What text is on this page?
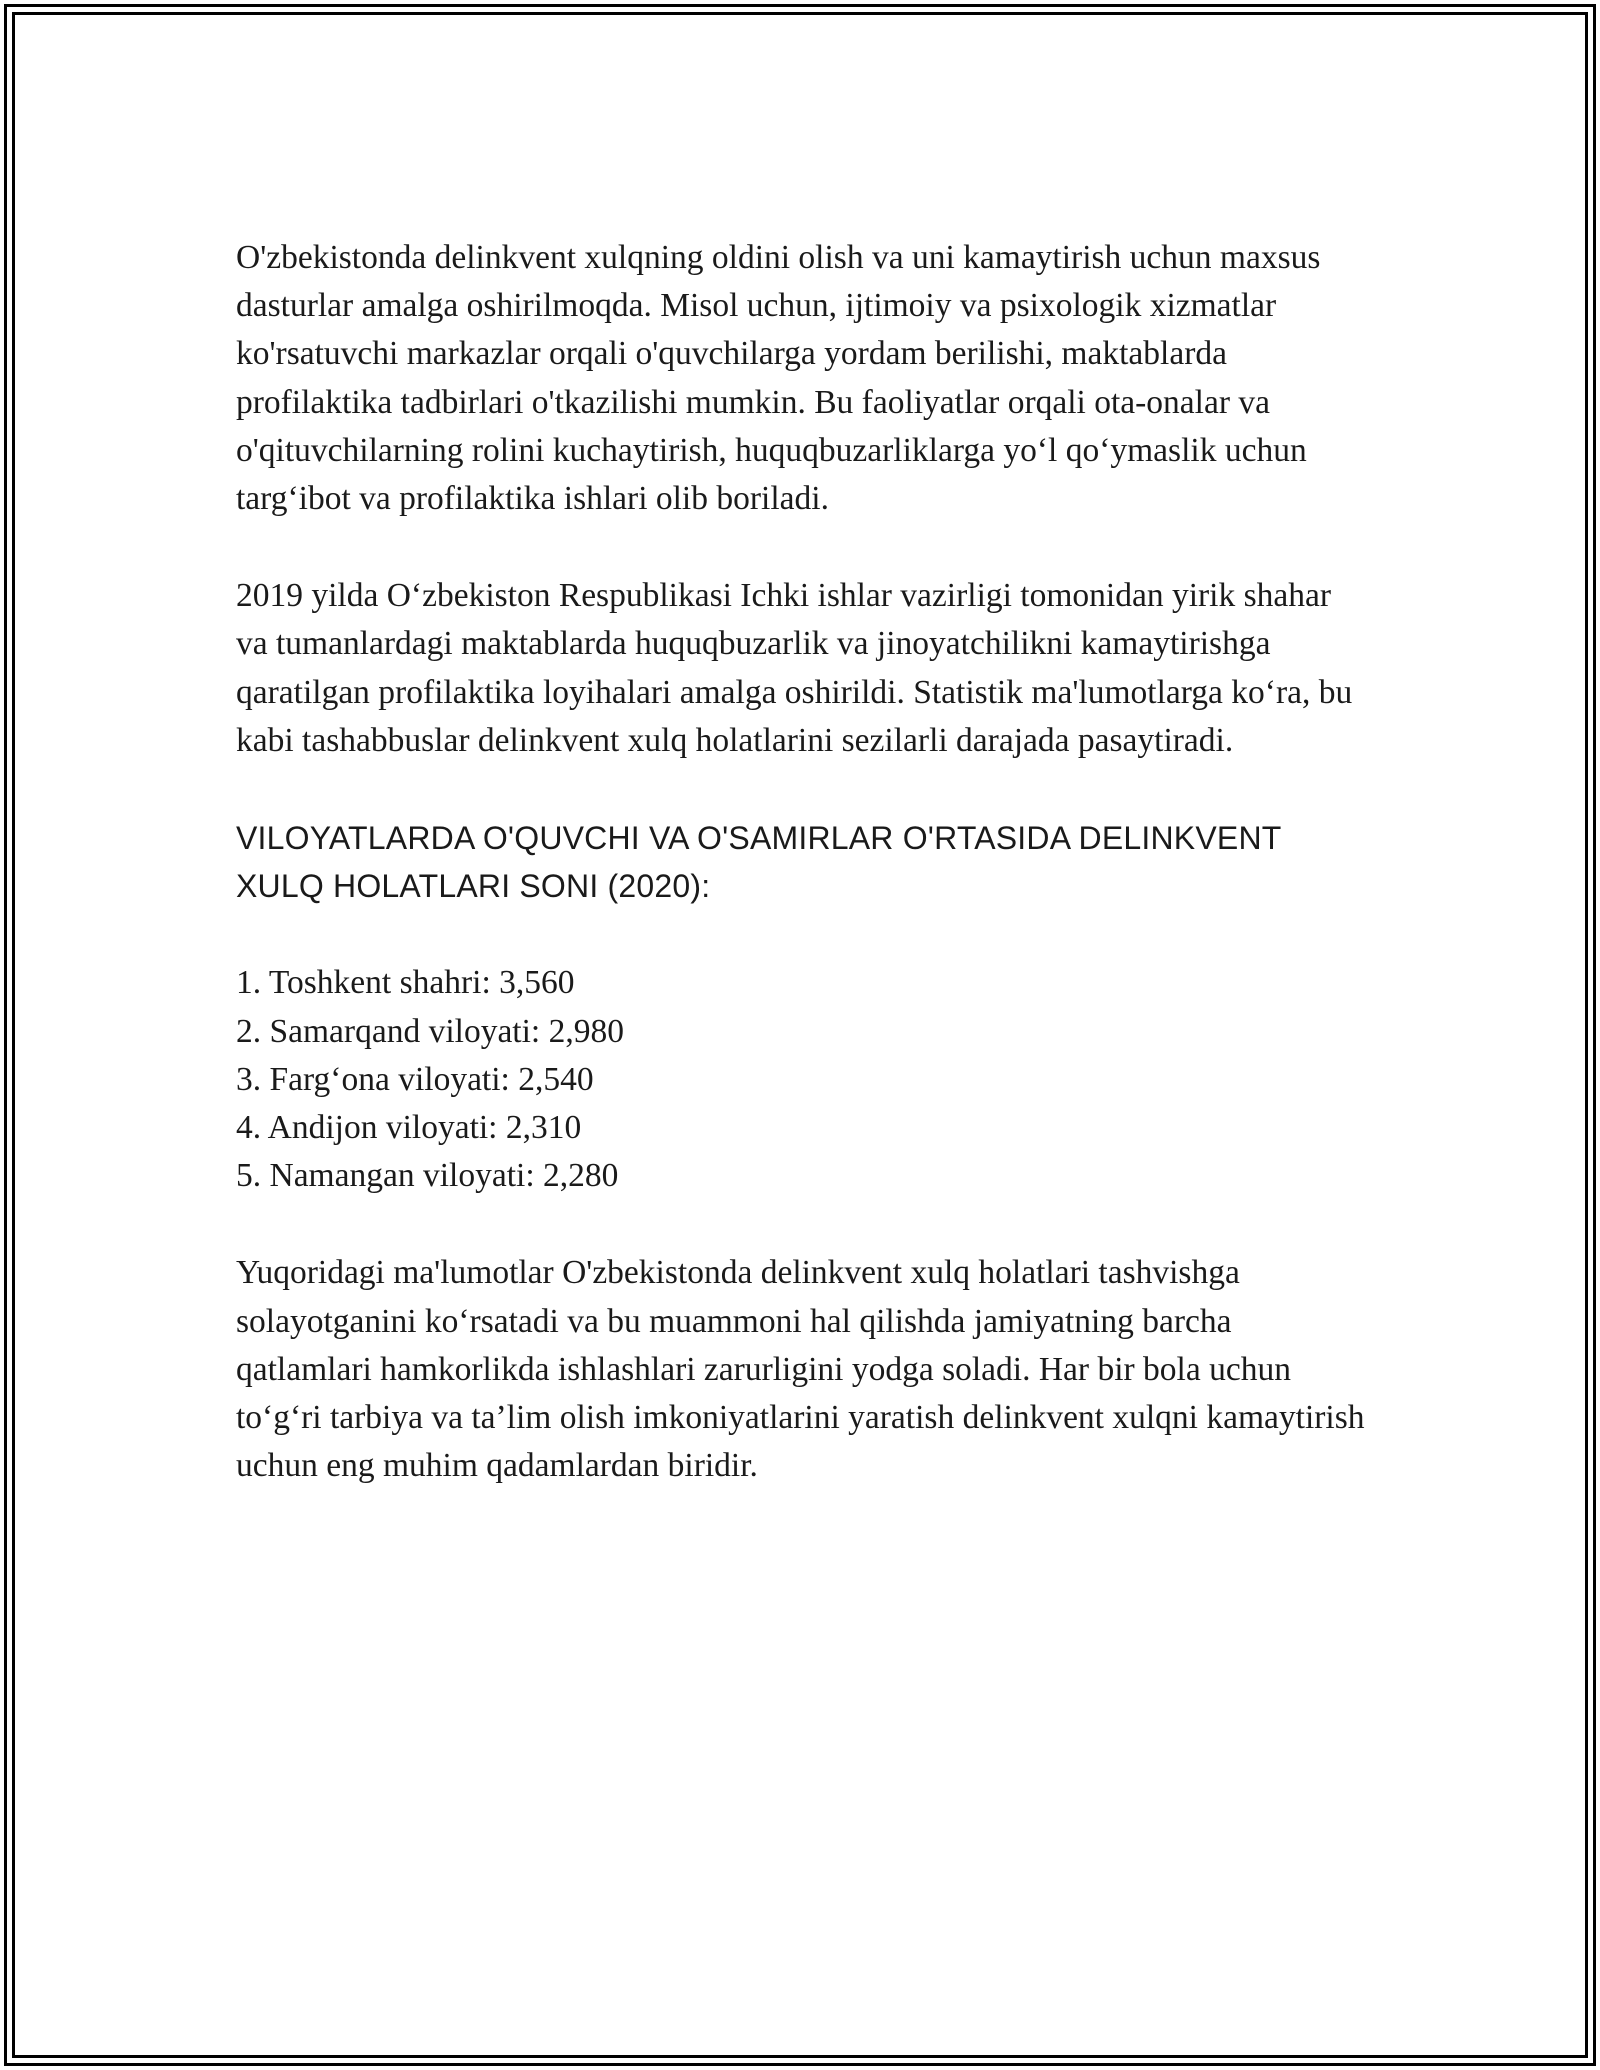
O'zbekistonda delinkvent xulqning oldini olish va uni kamaytirish uchun maxsus dasturlar amalga oshirilmoqda. Misol uchun, ijtimoiy va psixologik xizmatlar ko'rsatuvchi markazlar orqali o'quvchilarga yordam berilishi, maktablarda profilaktika tadbirlari o'tkazilishi mumkin. Bu faoliyatlar orqali ota-onalar va o'qituvchilarning rolini kuchaytirish, huquqbuzarliklarga yo‘l qo‘ymaslik uchun targ‘ibot va profilaktika ishlari olib boriladi.

2019 yilda O‘zbekiston Respublikasi Ichki ishlar vazirligi tomonidan yirik shahar va tumanlardagi maktablarda huquqbuzarlik va jinoyatchilikni kamaytirishga qaratilgan profilaktika loyihalari amalga oshirildi. Statistik ma'lumotlarga ko‘ra, bu kabi tashabbuslar delinkvent xulq holatlarini sezilarli darajada pasaytiradi.

VILOYATLARDA O'QUVCHI VA O'SAMIRLAR O'RTASIDA DELINKVENT XULQ HOLATLARI SONI (2020):

1. Toshkent shahri: 3,560
2. Samarqand viloyati: 2,980
3. Farg‘ona viloyati: 2,540
4. Andijon viloyati: 2,310
5. Namangan viloyati: 2,280

Yuqoridagi ma'lumotlar O'zbekistonda delinkvent xulq holatlari tashvishga solayotganini ko‘rsatadi va bu muammoni hal qilishda jamiyatning barcha qatlamlari hamkorlikda ishlashlari zarurligini yodga soladi. Har bir bola uchun to‘g‘ri tarbiya va ta’lim olish imkoniyatlarini yaratish delinkvent xulqni kamaytirish uchun eng muhim qadamlardan biridir.
